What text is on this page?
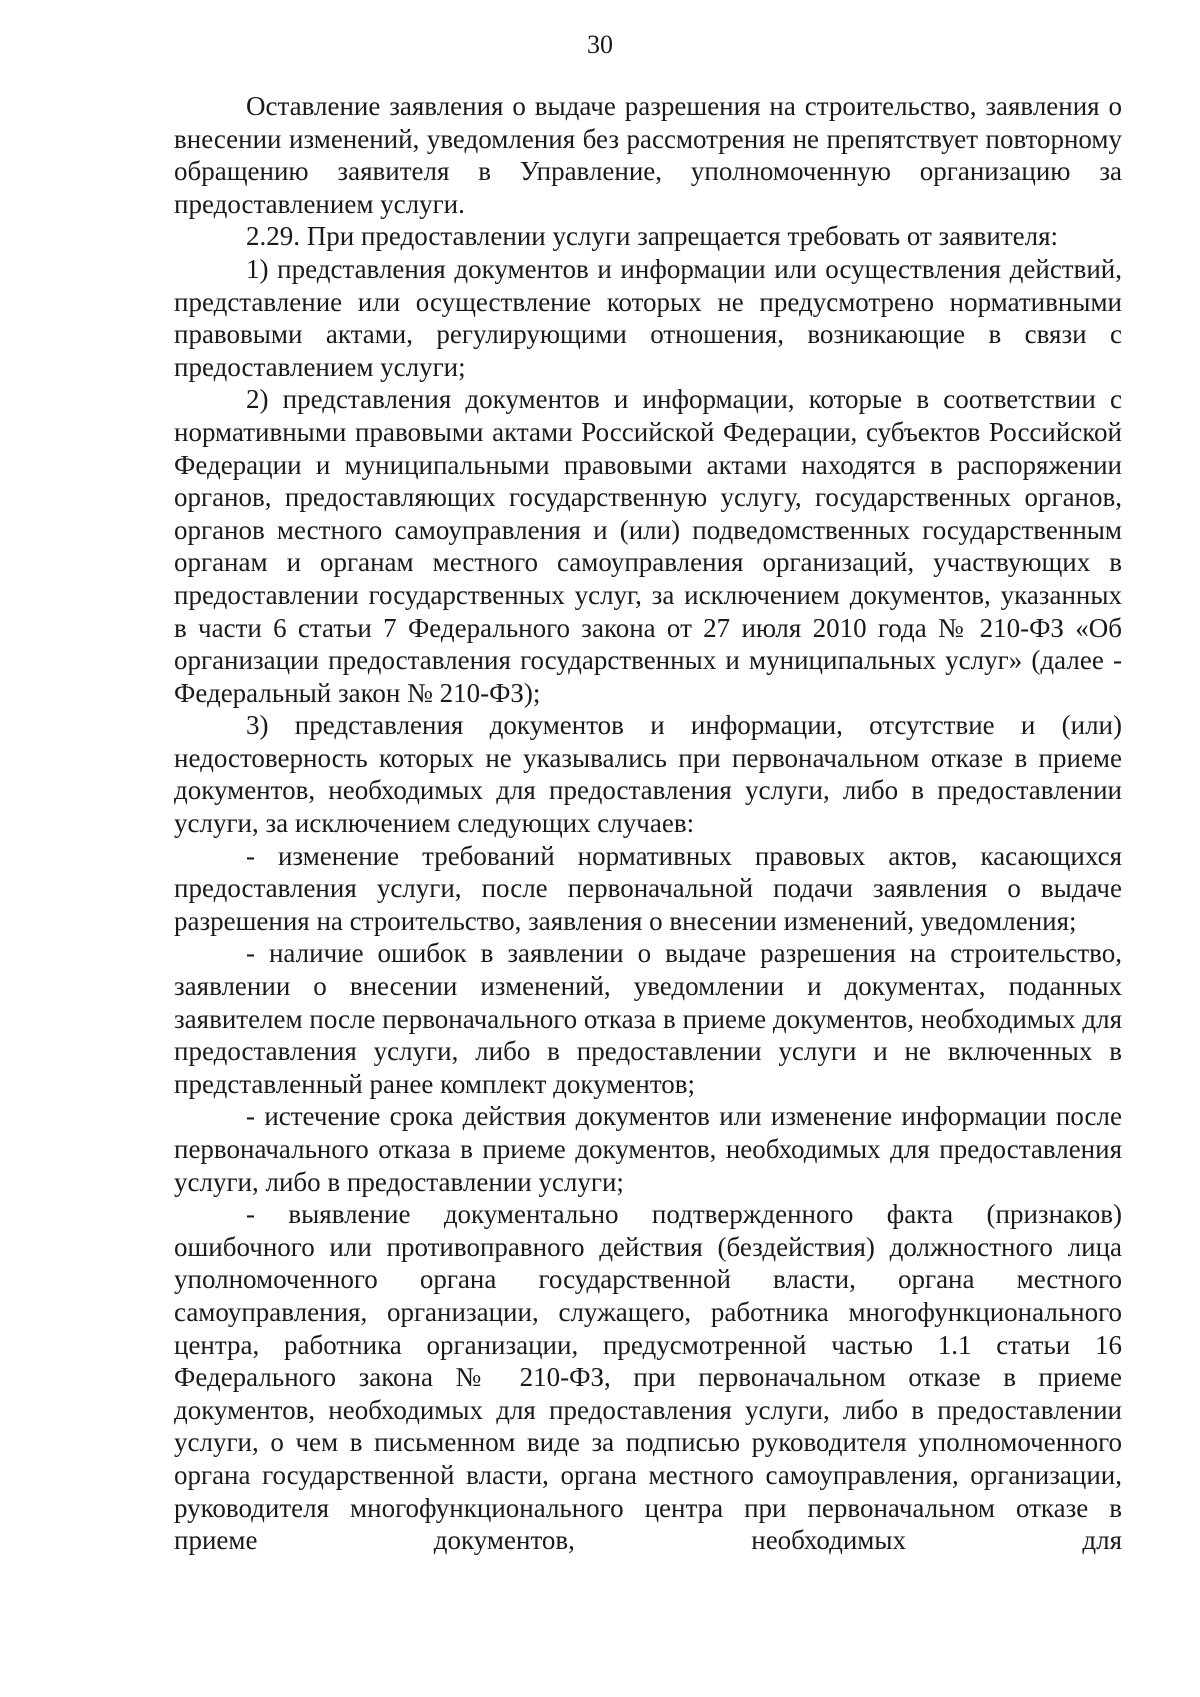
30

Оставление заявления о выдаче разрешения на строительство, заявления о внесении изменений, уведомления без рассмотрения не препятствует повторному обращению заявителя в Управление, уполномоченную организацию за предоставлением услуги.

2.29. При предоставлении услуги запрещается требовать от заявителя:

1) представления документов и информации или осуществления действий, представление или осуществление которых не предусмотрено нормативными правовыми актами, регулирующими отношения, возникающие в связи с предоставлением услуги;

2) представления документов и информации, которые в соответствии с нормативными правовыми актами Российской Федерации, субъектов Российской Федерации и муниципальными правовыми актами находятся в распоряжении органов, предоставляющих государственную услугу, государственных органов, органов местного самоуправления и (или) подведомственных государственным органам и органам местного самоуправления организаций, участвующих в предоставлении государственных услуг, за исключением документов, указанных в части 6 статьи 7 Федерального закона от 27 июля 2010 года № 210-ФЗ «Об организации предоставления государственных и муниципальных услуг» (далее - Федеральный закон № 210-ФЗ);

3) представления документов и информации, отсутствие и (или) недостоверность которых не указывались при первоначальном отказе в приеме документов, необходимых для предоставления услуги, либо в предоставлении услуги, за исключением следующих случаев:

- изменение требований нормативных правовых актов, касающихся предоставления услуги, после первоначальной подачи заявления о выдаче разрешения на строительство, заявления о внесении изменений, уведомления;

- наличие ошибок в заявлении о выдаче разрешения на строительство, заявлении о внесении изменений, уведомлении и документах, поданных заявителем после первоначального отказа в приеме документов, необходимых для предоставления услуги, либо в предоставлении услуги и не включенных в представленный ранее комплект документов;

- истечение срока действия документов или изменение информации после первоначального отказа в приеме документов, необходимых для предоставления услуги, либо в предоставлении услуги;

- выявление документально подтвержденного факта (признаков) ошибочного или противоправного действия (бездействия) должностного лица уполномоченного органа государственной власти, органа местного самоуправления, организации, служащего, работника многофункционального центра, работника организации, предусмотренной частью 1.1 статьи 16 Федерального закона № 210-ФЗ, при первоначальном отказе в приеме документов, необходимых для предоставления услуги, либо в предоставлении услуги, о чем в письменном виде за подписью руководителя уполномоченного органа государственной власти, органа местного самоуправления, организации, руководителя многофункционального центра при первоначальном отказе в приеме документов, необходимых для
